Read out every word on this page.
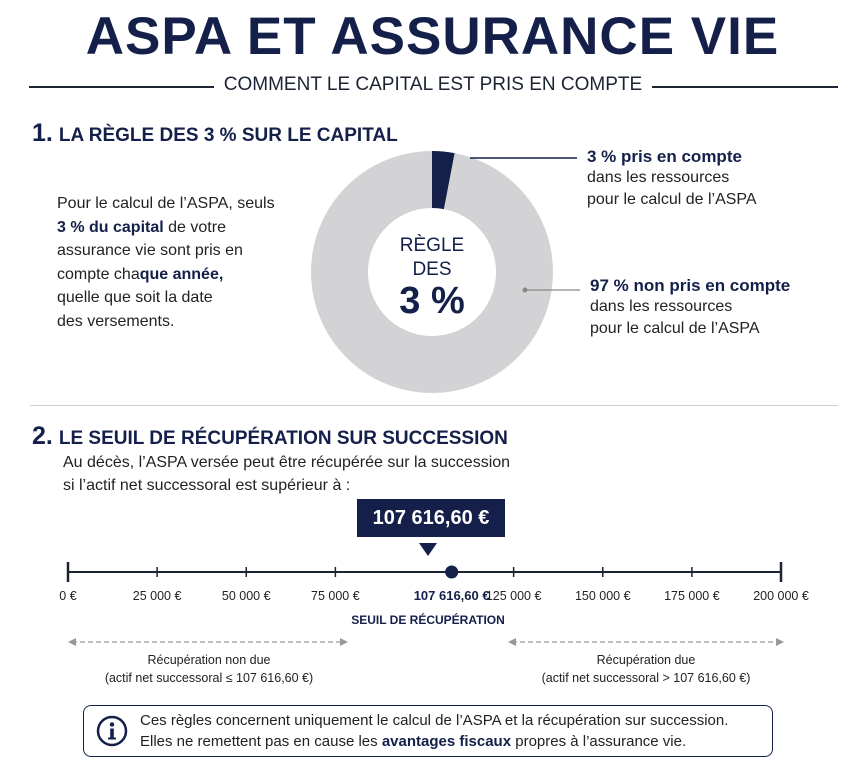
ASPA ET ASSURANCE VIE
COMMENT LE CAPITAL EST PRIS EN COMPTE
1. LA RÈGLE DES 3 % SUR LE CAPITAL
Pour le calcul de l’ASPA, seuls
3 % du capital de votre
assurance vie sont pris en
compte chaque année,
quelle que soit la date
des versements.
RÈGLE
DES
3 %
3 % pris en compte
dans les ressources
pour le calcul de l’ASPA
97 % non pris en compte
dans les ressources
pour le calcul de l’ASPA
2. LE SEUIL DE RÉCUPÉRATION SUR SUCCESSION
Au décès, l’ASPA versée peut être récupérée sur la succession
si l’actif net successoral est supérieur à :
107 616,60 €
0 €	25 000 €	50 000 €	75 000 €	107 616,60 €
125 000 €	150 000 €	175 000 €	200 000 €
SEUIL DE RÉCUPÉRATION
Récupération non due
(actif net successoral ≤ 107 616,60 €)
Récupération due
(actif net successoral > 107 616,60 €)
Ces règles concernent uniquement le calcul de l’ASPA et la récupération sur succession.
Elles ne remettent pas en cause les avantages fiscaux propres à l’assurance vie.
